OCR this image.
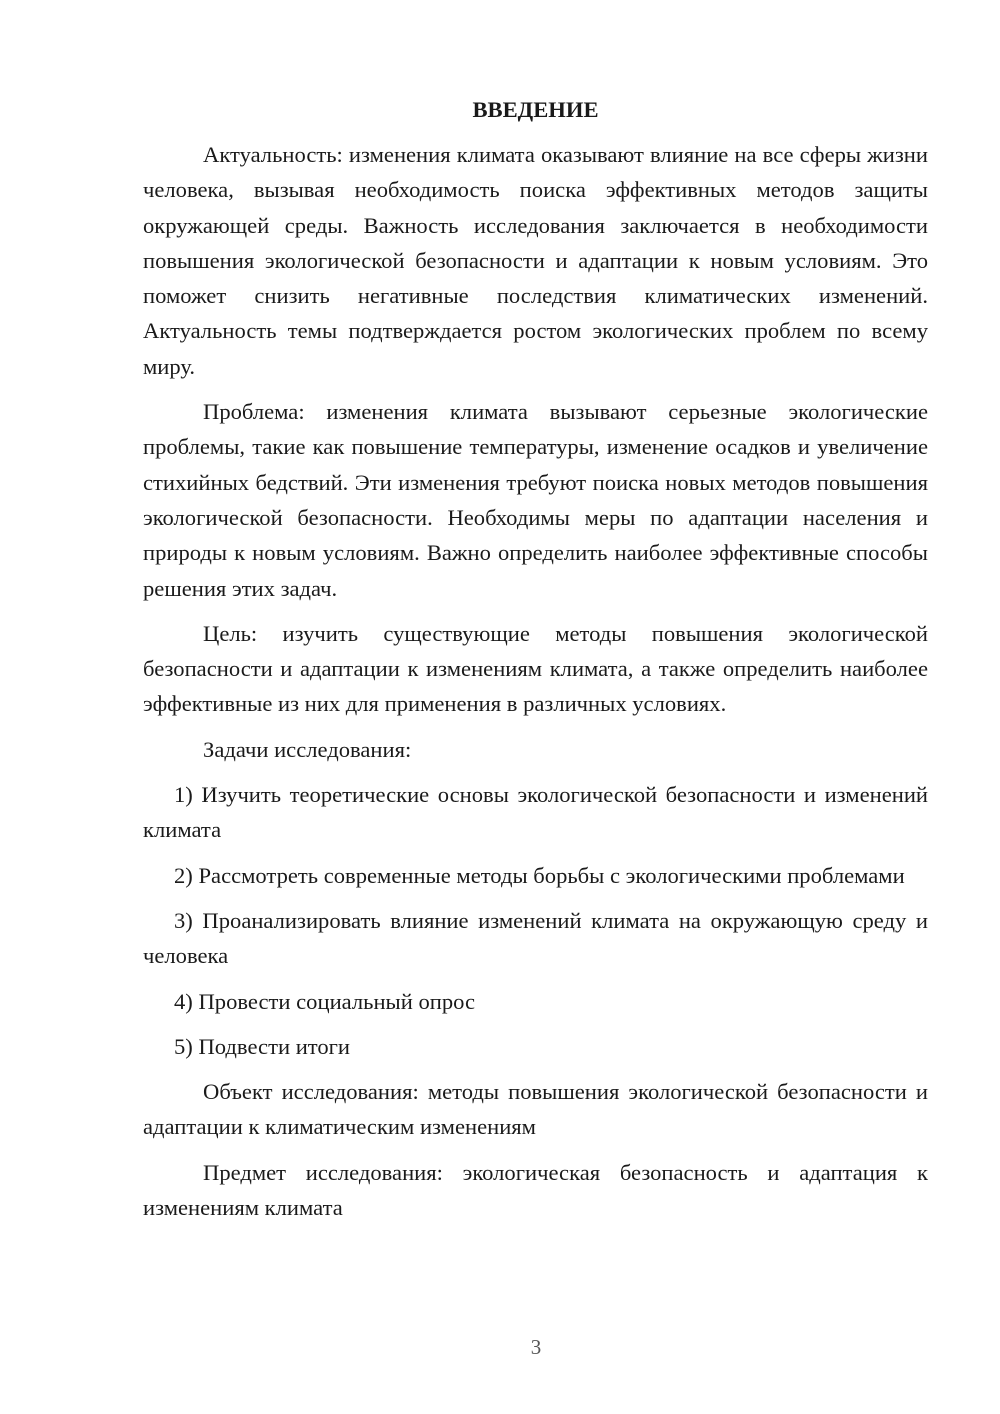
ВВЕДЕНИЕ

Актуальность: изменения климата оказывают влияние на все сферы жизни человека, вызывая необходимость поиска эффективных методов защиты окружающей среды. Важность исследования заключается в необходимости повышения экологической безопасности и адаптации к новым условиям. Это поможет снизить негативные последствия климатических изменений. Актуальность темы подтверждается ростом экологических проблем по всему миру.

Проблема: изменения климата вызывают серьезные экологические проблемы, такие как повышение температуры, изменение осадков и увеличение стихийных бедствий. Эти изменения требуют поиска новых методов повышения экологической безопасности. Необходимы меры по адаптации населения и природы к новым условиям. Важно определить наиболее эффективные способы решения этих задач.

Цель: изучить существующие методы повышения экологической безопасности и адаптации к изменениям климата, а также определить наиболее эффективные из них для применения в различных условиях.

Задачи исследования:

1) Изучить теоретические основы экологической безопасности и изменений климата

2) Рассмотреть современные методы борьбы с экологическими проблемами

3) Проанализировать влияние изменений климата на окружающую среду и человека

4) Провести социальный опрос

5) Подвести итоги

Объект исследования: методы повышения экологической безопасности и адаптации к климатическим изменениям

Предмет исследования: экологическая безопасность и адаптация к изменениям климата

3
